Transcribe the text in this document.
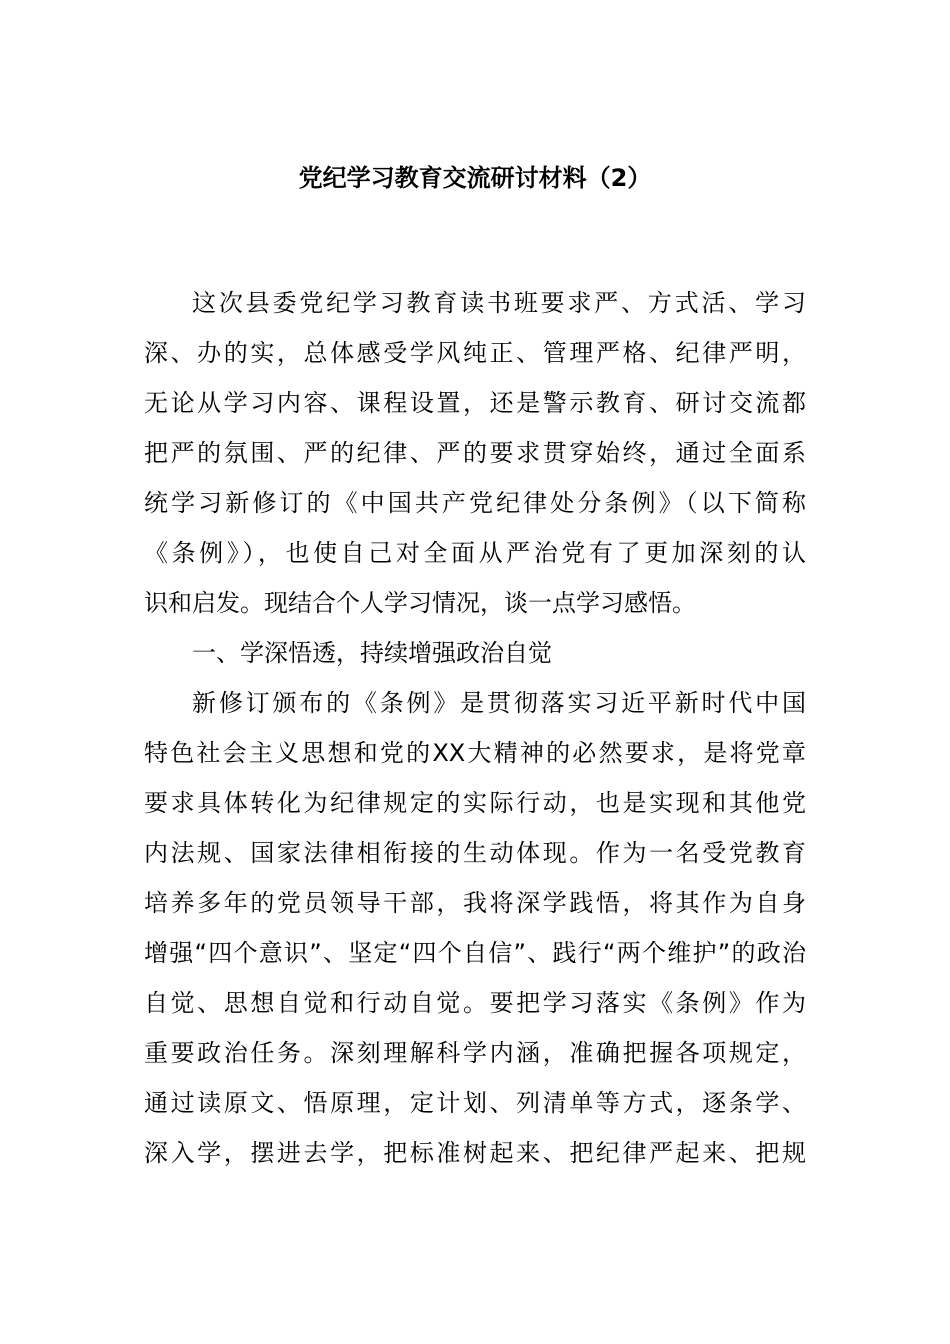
党纪学习教育交流研讨材料（2）
这次县委党纪学习教育读书班要求严、方式活、学习
深、办的实，总体感受学风纯正、管理严格、纪律严明，
无论从学习内容、课程设置，还是警示教育、研讨交流都
把严的氛围、严的纪律、严的要求贯穿始终，通过全面系
统学习新修订的《中国共产党纪律处分条例》（以下简称
《条例》），也使自己对全面从严治党有了更加深刻的认
识和启发。现结合个人学习情况，谈一点学习感悟。
一、学深悟透，持续增强政治自觉
新修订颁布的《条例》是贯彻落实习近平新时代中国
特色社会主义思想和党的XX大精神的必然要求，是将党章
要求具体转化为纪律规定的实际行动，也是实现和其他党
内法规、国家法律相衔接的生动体现。作为一名受党教育
培养多年的党员领导干部，我将深学践悟，将其作为自身
增强“四个意识”、坚定“四个自信”、践行“两个维护”的政治
自觉、思想自觉和行动自觉。要把学习落实《条例》作为
重要政治任务。深刻理解科学内涵，准确把握各项规定，
通过读原文、悟原理，定计划、列清单等方式，逐条学、
深入学，摆进去学，把标准树起来、把纪律严起来、把规
